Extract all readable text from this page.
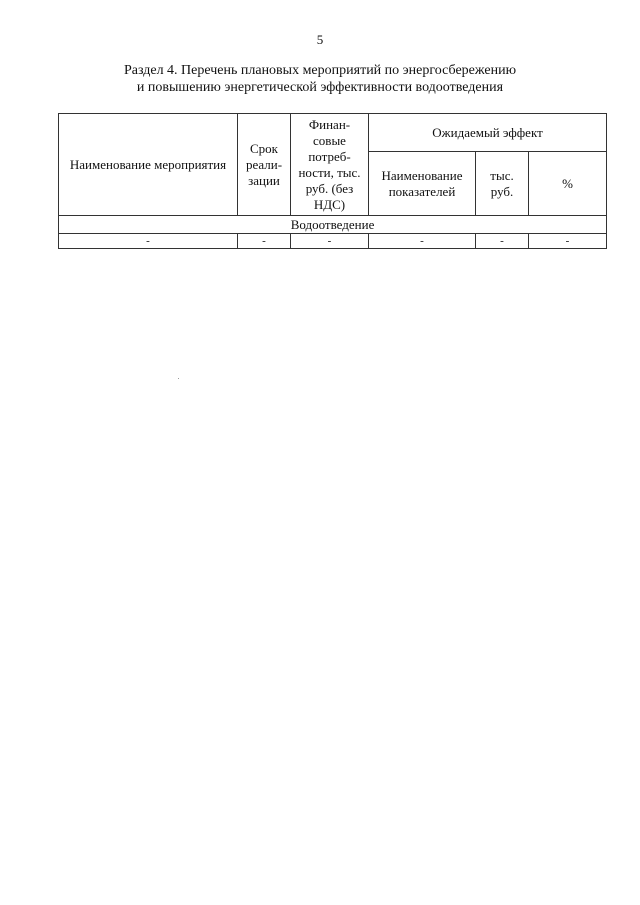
5
Раздел 4. Перечень плановых мероприятий по энергосбережению
и повышению энергетической эффективности водоотведения
Наименование мероприятия	Срок реали-зации	Финан-совые потреб-ности, тыс. руб. (без НДС)	Ожидаемый эффект		
			Наименование показателей	тыс. руб.	%
Водоотведение					
-	-	-	-	-	-
